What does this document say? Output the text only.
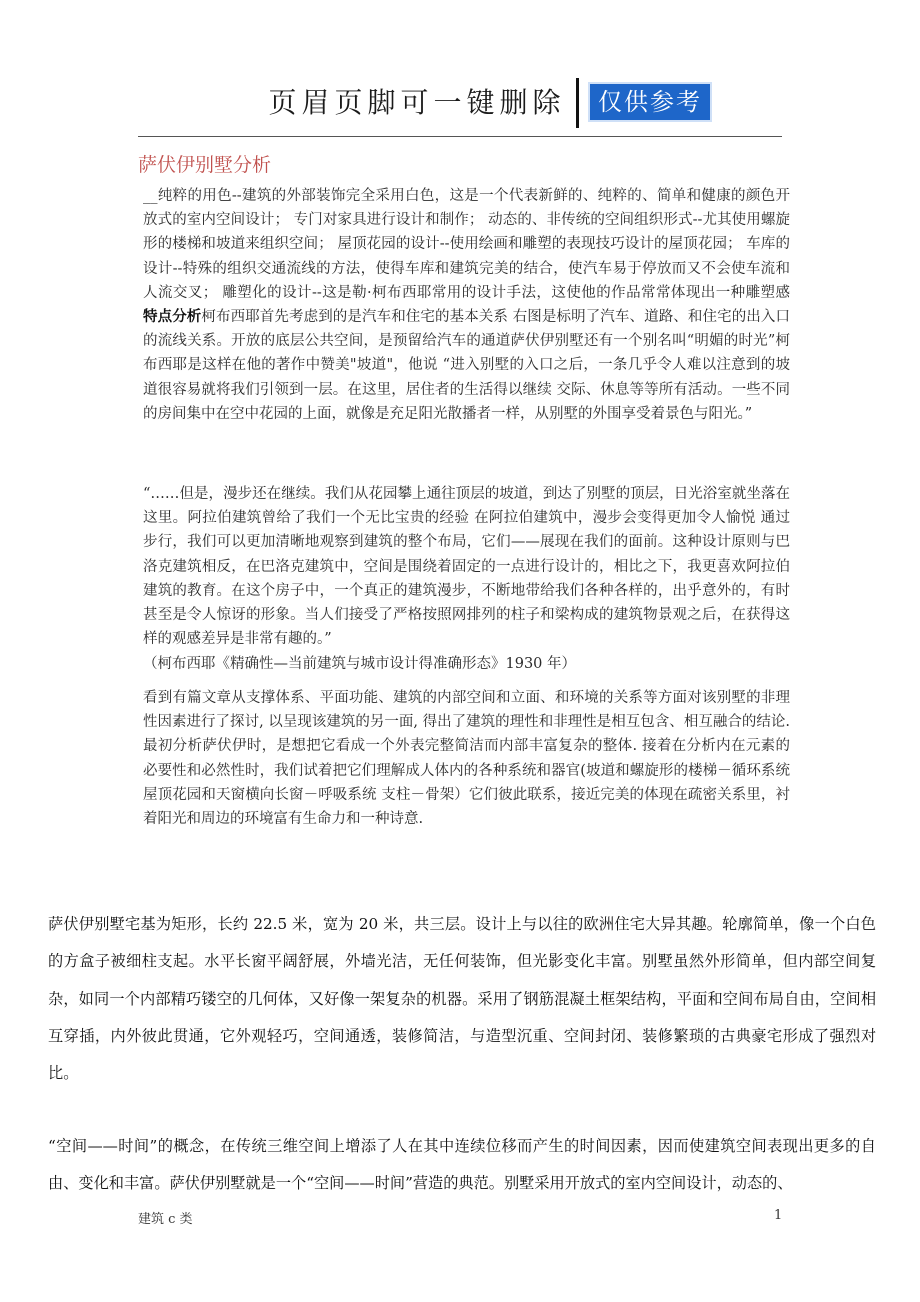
页眉页脚可一键删除	仅供参考
萨伏伊别墅分析

__纯粹的用色--建筑的外部装饰完全采用白色，这是一个代表新鲜的、纯粹的、简单和健康的颜色开放式的室内空间设计； 专门对家具进行设计和制作； 动态的、非传统的空间组织形式--尤其使用螺旋形的楼梯和坡道来组织空间； 屋顶花园的设计--使用绘画和雕塑的表现技巧设计的屋顶花园； 车库的设计--特殊的组织交通流线的方法，使得车库和建筑完美的结合，使汽车易于停放而又不会使车流和人流交叉； 雕塑化的设计--这是勒·柯布西耶常用的设计手法，这使他的作品常常体现出一种雕塑感 特点分析柯布西耶首先考虑到的是汽车和住宅的基本关系 右图是标明了汽车、道路、和住宅的出入口的流线关系。开放的底层公共空间，是预留给汽车的通道萨伏伊别墅还有一个别名叫“明媚的时光”柯布西耶是这样在他的著作中赞美"坡道"，他说 “进入别墅的入口之后，一条几乎令人难以注意到的坡道很容易就将我们引领到一层。在这里，居住者的生活得以继续 交际、休息等等所有活动。一些不同的房间集中在空中花园的上面，就像是充足阳光散播者一样，从别墅的外围享受着景色与阳光。”

“……但是，漫步还在继续。我们从花园攀上通往顶层的坡道，到达了别墅的顶层，日光浴室就坐落在这里。阿拉伯建筑曾给了我们一个无比宝贵的经验 在阿拉伯建筑中，漫步会变得更加令人愉悦 通过步行，我们可以更加清晰地观察到建筑的整个布局，它们——展现在我们的面前。这种设计原则与巴洛克建筑相反，在巴洛克建筑中，空间是围绕着固定的一点进行设计的，相比之下，我更喜欢阿拉伯建筑的教育。在这个房子中，一个真正的建筑漫步，不断地带给我们各种各样的，出乎意外的，有时甚至是令人惊讶的形象。当人们接受了严格按照网排列的柱子和梁构成的建筑物景观之后，在获得这样的观感差异是非常有趣的。”

（柯布西耶《精确性—当前建筑与城市设计得准确形态》1930 年）

看到有篇文章从支撑体系、平面功能、建筑的内部空间和立面、和环境的关系等方面对该别墅的非理性因素进行了探讨, 以呈现该建筑的另一面, 得出了建筑的理性和非理性是相互包含、相互融合的结论. 最初分析萨伏伊时，是想把它看成一个外表完整简洁而内部丰富复杂的整体. 接着在分析内在元素的必要性和必然性时，我们试着把它们理解成人体内的各种系统和器官(坡道和螺旋形的楼梯－循环系统 屋顶花园和天窗横向长窗－呼吸系统 支柱－骨架）它们彼此联系，接近完美的体现在疏密关系里，衬着阳光和周边的环境富有生命力和一种诗意.

萨伏伊别墅宅基为矩形，长约 22.5 米，宽为 20 米，共三层。设计上与以往的欧洲住宅大异其趣。轮廓简单，像一个白色的方盒子被细柱支起。水平长窗平阔舒展，外墙光洁，无任何装饰，但光影变化丰富。别墅虽然外形简单，但内部空间复杂，如同一个内部精巧镂空的几何体，又好像一架复杂的机器。采用了钢筋混凝土框架结构，平面和空间布局自由，空间相互穿插，内外彼此贯通，它外观轻巧，空间通透，装修简洁，与造型沉重、空间封闭、装修繁琐的古典豪宅形成了强烈对比。

“空间——时间”的概念，在传统三维空间上增添了人在其中连续位移而产生的时间因素，因而使建筑空间表现出更多的自由、变化和丰富。萨伏伊别墅就是一个“空间——时间”营造的典范。别墅采用开放式的室内空间设计，动态的、

建筑 c 类	1
